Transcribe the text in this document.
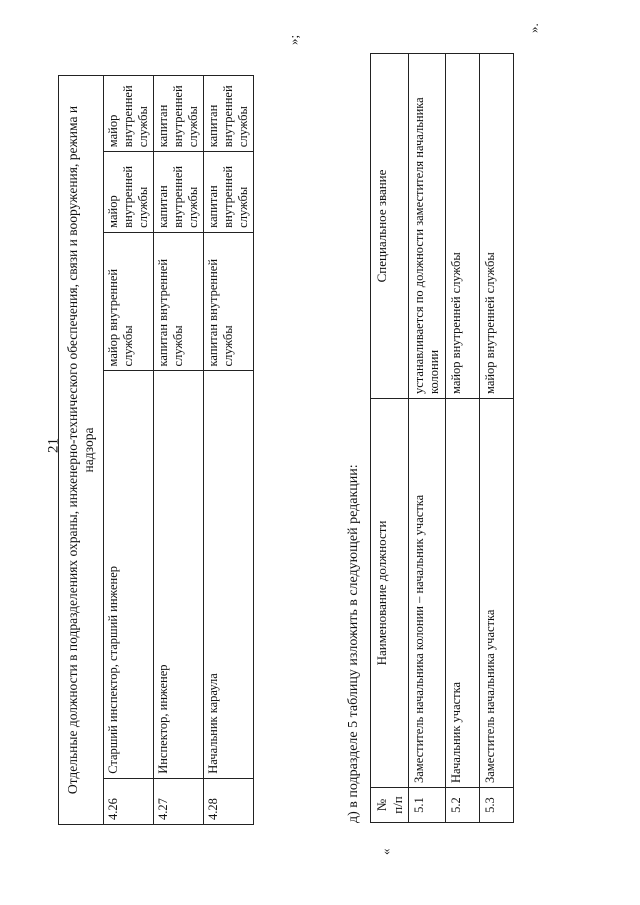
21 Отдельные должности в подразделениях охраны, инженерно-технического обеспечения, связи и вооружения, режима и надзора				
4.26	Старший инспектор, старший инженер	майор внутренней службы	майор внутренней службы	майор внутренней службы
4.27	Инспектор, инженер	капитан внутренней службы	капитан внутренней службы	капитан внутренней службы
4.28	Начальник караула	капитан внутренней службы	капитан внутренней службы	капитан внутренней службы
»;
д) в подразделе 5 таблицу изложить в следующей редакции:
«
№ п/п	Наименование должности	Специальное звание
5.1	Заместитель начальника колонии – начальник участка	устанавливается по должности заместителя начальника колонии
5.2	Начальник участка	майор внутренней службы
5.3	Заместитель начальника участка	майор внутренней службы
».
